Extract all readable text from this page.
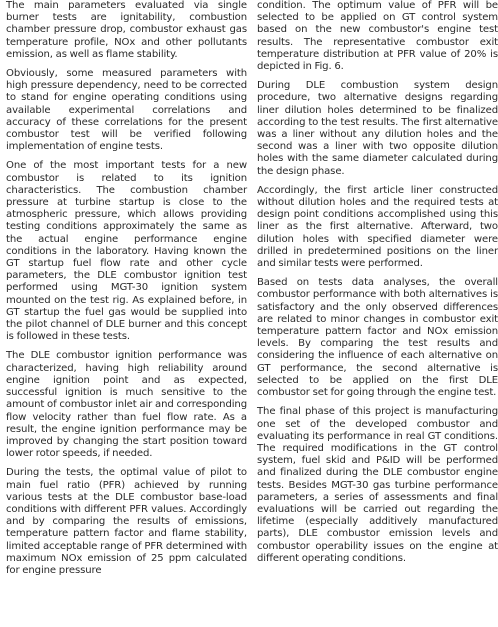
The main parameters evaluated via single burner tests are ignitability, combustion chamber pressure drop, combustor exhaust gas temperature profile, NOx and other pollutants emission, as well as flame stability.

Obviously, some measured parameters with high pressure dependency, need to be corrected to stand for engine operating conditions using available experimental correlations and accuracy of these correlations for the present combustor test will be verified following implementation of engine tests.

One of the most important tests for a new combustor is related to its ignition characteristics. The combustion chamber pressure at turbine startup is close to the atmospheric pressure, which allows providing testing conditions approximately the same as the actual engine performance engine conditions in the laboratory. Having known the GT startup fuel flow rate and other cycle parameters, the DLE combustor ignition test performed using MGT-30 ignition system mounted on the test rig. As explained before, in GT startup the fuel gas would be supplied into the pilot channel of DLE burner and this concept is followed in these tests.

The DLE combustor ignition performance was characterized, having high reliability around engine ignition point and as expected, successful ignition is much sensitive to the amount of combustor inlet air and corresponding flow velocity rather than fuel flow rate. As a result, the engine ignition performance may be improved by changing the start position toward lower rotor speeds, if needed.

During the tests, the optimal value of pilot to main fuel ratio (PFR) achieved by running various tests at the DLE combustor base-load conditions with different PFR values. Accordingly and by comparing the results of emissions, temperature pattern factor and flame stability, limited acceptable range of PFR determined with maximum NOx emission of 25 ppm calculated for engine pressure

condition. The optimum value of PFR will be selected to be applied on GT control system based on the new combustor's engine test results. The representative combustor exit temperature distribution at PFR value of 20% is depicted in Fig. 6.

During DLE combustion system design procedure, two alternative designs regarding liner dilution holes determined to be finalized according to the test results. The first alternative was a liner without any dilution holes and the second was a liner with two opposite dilution holes with the same diameter calculated during the design phase.

Accordingly, the first article liner constructed without dilution holes and the required tests at design point conditions accomplished using this liner as the first alternative. Afterward, two dilution holes with specified diameter were drilled in predetermined positions on the liner and similar tests were performed.

Based on tests data analyses, the overall combustor performance with both alternatives is satisfactory and the only observed differences are related to minor changes in combustor exit temperature pattern factor and NOx emission levels. By comparing the test results and considering the influence of each alternative on GT performance, the second alternative is selected to be applied on the first DLE combustor set for going through the engine test.

The final phase of this project is manufacturing one set of the developed combustor and evaluating its performance in real GT conditions. The required modifications in the GT control system, fuel skid and P&ID will be performed and finalized during the DLE combustor engine tests. Besides MGT-30 gas turbine performance parameters, a series of assessments and final evaluations will be carried out regarding the lifetime (especially additively manufactured parts), DLE combustor emission levels and combustor operability issues on the engine at different operating conditions.
